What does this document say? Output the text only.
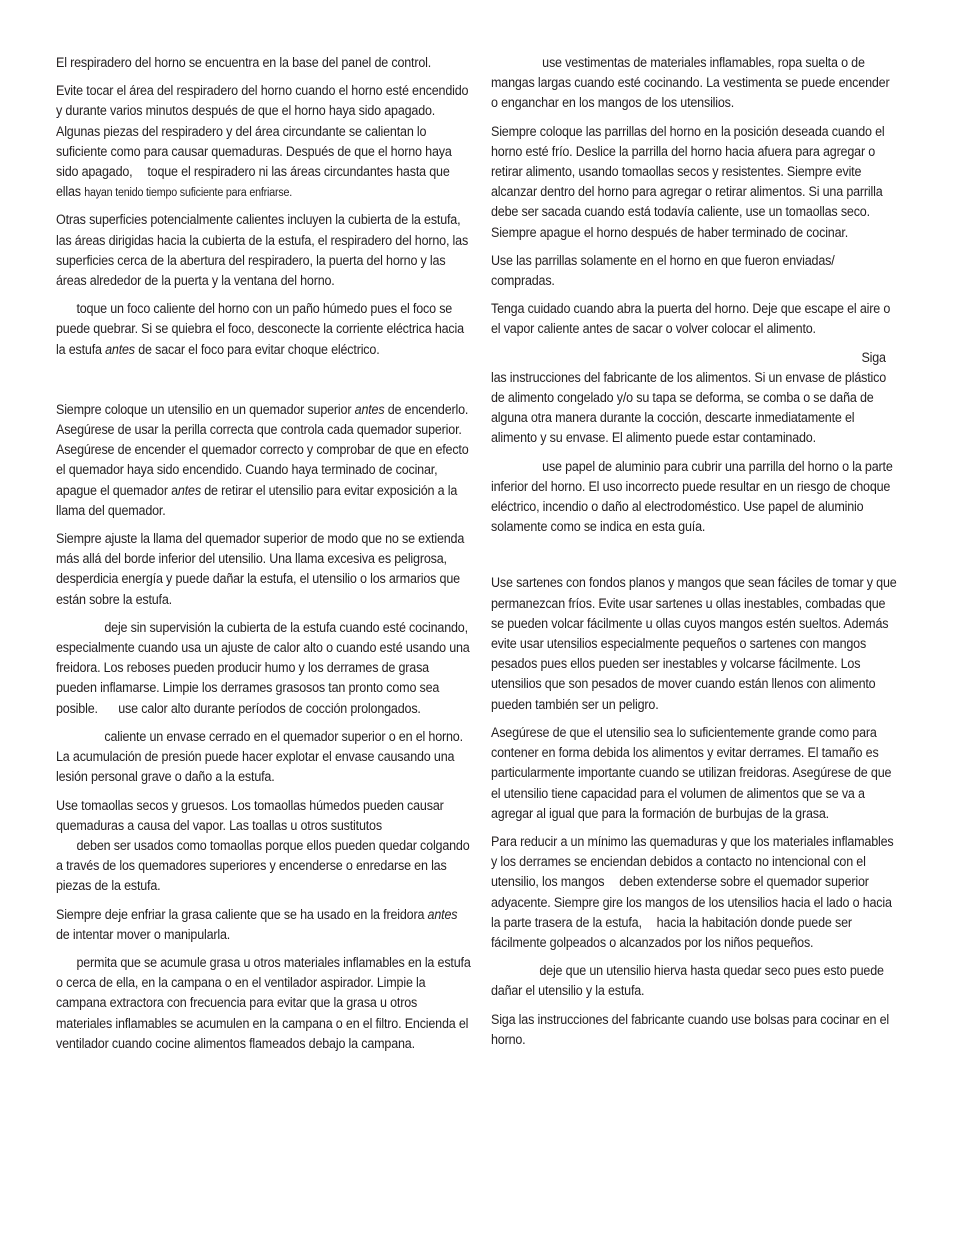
El respiradero del horno se encuentra en la base del panel de control.

Evite tocar el área del respiradero del horno cuando el horno esté encendido y durante varios minutos después de que el horno haya sido apagado. Algunas piezas del respiradero y del área circundante se calientan lo suficiente como para causar quemaduras. Después de que el horno haya sido apagado, toque el respiradero ni las áreas circundantes hasta que ellas hayan tenido tiempo suficiente para enfriarse.

Otras superficies potencialmente calientes incluyen la cubierta de la estufa, las áreas dirigidas hacia la cubierta de la estufa, el respiradero del horno, las superficies cerca de la abertura del respiradero, la puerta del horno y las áreas alrededor de la puerta y la ventana del horno.

toque un foco caliente del horno con un paño húmedo pues el foco se puede quebrar. Si se quiebra el foco, desconecte la corriente eléctrica hacia la estufa antes de sacar el foco para evitar choque eléctrico.

Siempre coloque un utensilio en un quemador superior antes de encenderlo. Asegúrese de usar la perilla correcta que controla cada quemador superior. Asegúrese de encender el quemador correcto y comprobar de que en efecto el quemador haya sido encendido. Cuando haya terminado de cocinar, apague el quemador antes de retirar el utensilio para evitar exposición a la llama del quemador.

Siempre ajuste la llama del quemador superior de modo que no se extienda más allá del borde inferior del utensilio. Una llama excesiva es peligrosa, desperdicia energía y puede dañar la estufa, el utensilio o los armarios que están sobre la estufa.

deje sin supervisión la cubierta de la estufa cuando esté cocinando, especialmente cuando usa un ajuste de calor alto o cuando esté usando una freidora. Los reboses pueden producir humo y los derrames de grasa pueden inflamarse. Limpie los derrames grasosos tan pronto como sea posible. use calor alto durante períodos de cocción prolongados.

caliente un envase cerrado en el quemador superior o en el horno. La acumulación de presión puede hacer explotar el envase causando una lesión personal grave o daño a la estufa.

Use tomaollas secos y gruesos. Los tomaollas húmedos pueden causar quemaduras a causa del vapor. Las toallas u otros sustitutos
deben ser usados como tomaollas porque ellos pueden quedar colgando a través de los quemadores superiores y encenderse o enredarse en las piezas de la estufa.

Siempre deje enfriar la grasa caliente que se ha usado en la freidora antes de intentar mover o manipularla.

permita que se acumule grasa u otros materiales inflamables en la estufa o cerca de ella, en la campana o en el ventilador aspirador. Limpie la campana extractora con frecuencia para evitar que la grasa u otros materiales inflamables se acumulen en la campana o en el filtro. Encienda el ventilador cuando cocine alimentos flameados debajo la campana.

use vestimentas de materiales inflamables, ropa suelta o de mangas largas cuando esté cocinando. La vestimenta se puede encender o enganchar en los mangos de los utensilios.

Siempre coloque las parrillas del horno en la posición deseada cuando el horno esté frío. Deslice la parrilla del horno hacia afuera para agregar o retirar alimento, usando tomaollas secos y resistentes. Siempre evite alcanzar dentro del horno para agregar o retirar alimentos. Si una parrilla debe ser sacada cuando está todavía caliente, use un tomaollas seco. Siempre apague el horno después de haber terminado de cocinar.

Use las parrillas solamente en el horno en que fueron enviadas/ compradas.

Tenga cuidado cuando abra la puerta del horno. Deje que escape el aire o el vapor caliente antes de sacar o volver colocar el alimento.

Siga
las instrucciones del fabricante de los alimentos. Si un envase de plástico de alimento congelado y/o su tapa se deforma, se comba o se daña de alguna otra manera durante la cocción, descarte inmediatamente el alimento y su envase. El alimento puede estar contaminado.

use papel de aluminio para cubrir una parrilla del horno o la parte inferior del horno. El uso incorrecto puede resultar en un riesgo de choque eléctrico, incendio o daño al electrodoméstico. Use papel de aluminio solamente como se indica en esta guía.

Use sartenes con fondos planos y mangos que sean fáciles de tomar y que permanezcan fríos. Evite usar sartenes u ollas inestables, combadas que se pueden volcar fácilmente u ollas cuyos mangos estén sueltos. Además evite usar utensilios especialmente pequeños o sartenes con mangos pesados pues ellos pueden ser inestables y volcarse fácilmente. Los utensilios que son pesados de mover cuando están llenos con alimento pueden también ser un peligro.

Asegúrese de que el utensilio sea lo suficientemente grande como para contener en forma debida los alimentos y evitar derrames. El tamaño es particularmente importante cuando se utilizan freidoras. Asegúrese de que el utensilio tiene capacidad para el volumen de alimentos que se va a agregar al igual que para la formación de burbujas de la grasa.

Para reducir a un mínimo las quemaduras y que los materiales inflamables y los derrames se enciendan debidos a contacto no intencional con el utensilio, los mangos deben extenderse sobre el quemador superior adyacente. Siempre gire los mangos de los utensilios hacia el lado o hacia la parte trasera de la estufa, hacia la habitación donde puede ser fácilmente golpeados o alcanzados por los niños pequeños.

deje que un utensilio hierva hasta quedar seco pues esto puede dañar el utensilio y la estufa.

Siga las instrucciones del fabricante cuando use bolsas para cocinar en el horno.
